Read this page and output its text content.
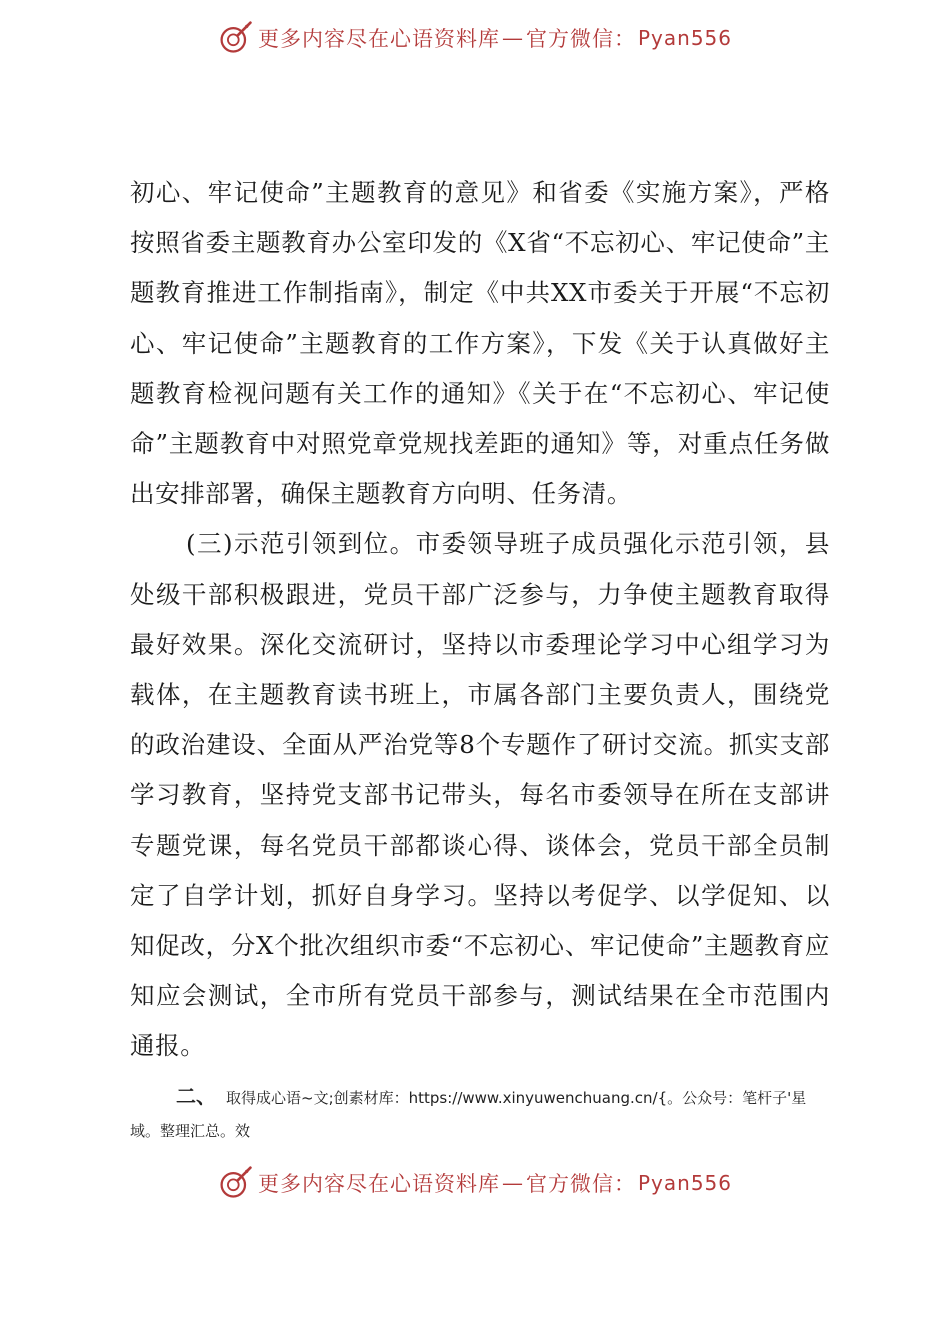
更多内容尽在心语资料库 — 官方微信： Pyan556

初心、牢记使命”主题教育的意见》和省委《实施方案》，严格按照省委主题教育办公室印发的《X省“不忘初心、牢记使命”主题教育推进工作制指南》，制定《中共XX市委关于开展“不忘初心、牢记使命”主题教育的工作方案》，下发《关于认真做好主题教育检视问题有关工作的通知》《关于在“不忘初心、牢记使命”主题教育中对照党章党规找差距的通知》等，对重点任务做出安排部署，确保主题教育方向明、任务清。

(三)示范引领到位。市委领导班子成员强化示范引领，县处级干部积极跟进，党员干部广泛参与，力争使主题教育取得最好效果。深化交流研讨，坚持以市委理论学习中心组学习为载体，在主题教育读书班上，市属各部门主要负责人，围绕党的政治建设、全面从严治党等8个专题作了研讨交流。抓实支部学习教育，坚持党支部书记带头，每名市委领导在所在支部讲专题党课，每名党员干部都谈心得、谈体会，党员干部全员制定了自学计划，抓好自身学习。坚持以考促学、以学促知、以知促改，分X个批次组织市委“不忘初心、牢记使命”主题教育应知应会测试，全市所有党员干部参与，测试结果在全市范围内通报。

二、 取得成心语~文;创素材库：https://www.xinyuwenchuang.cn/{。公众号：笔杆子'星域。整理汇总。效
更多内容尽在心语资料库 — 官方微信： Pyan556
